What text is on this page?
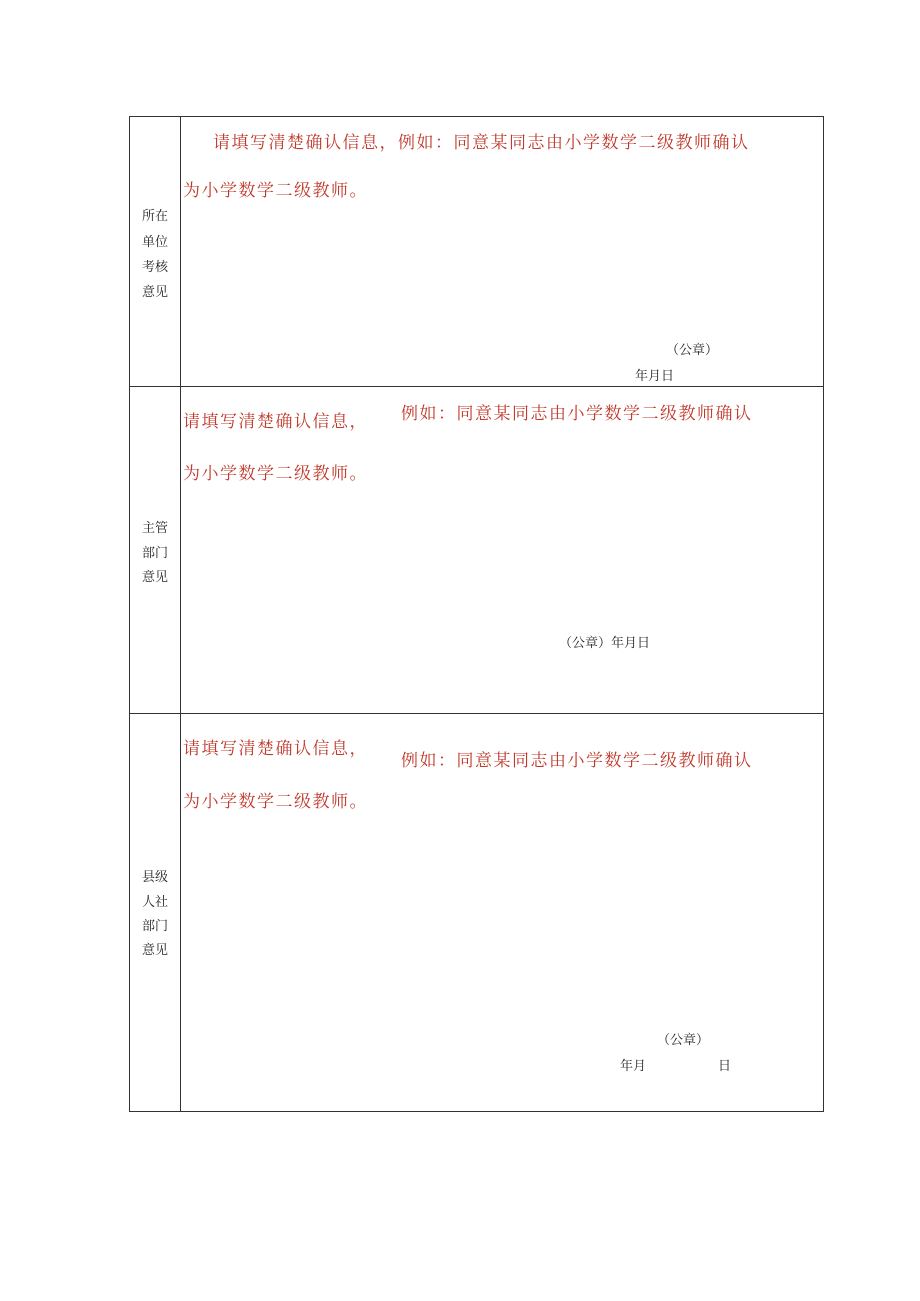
所在
单位
考核
意见
请填写清楚确认信息，例如：同意某同志由小学数学二级教师确认
为小学数学二级教师。
（公章）
年月日
主管
部门
意见
请填写清楚确认信息， 例如：同意某同志由小学数学二级教师确认
为小学数学二级教师。
（公章）年月日
县级
人社
部门
意见
请填写清楚确认信息，
例如：同意某同志由小学数学二级教师确认
为小学数学二级教师。
（公章）
年月	日
